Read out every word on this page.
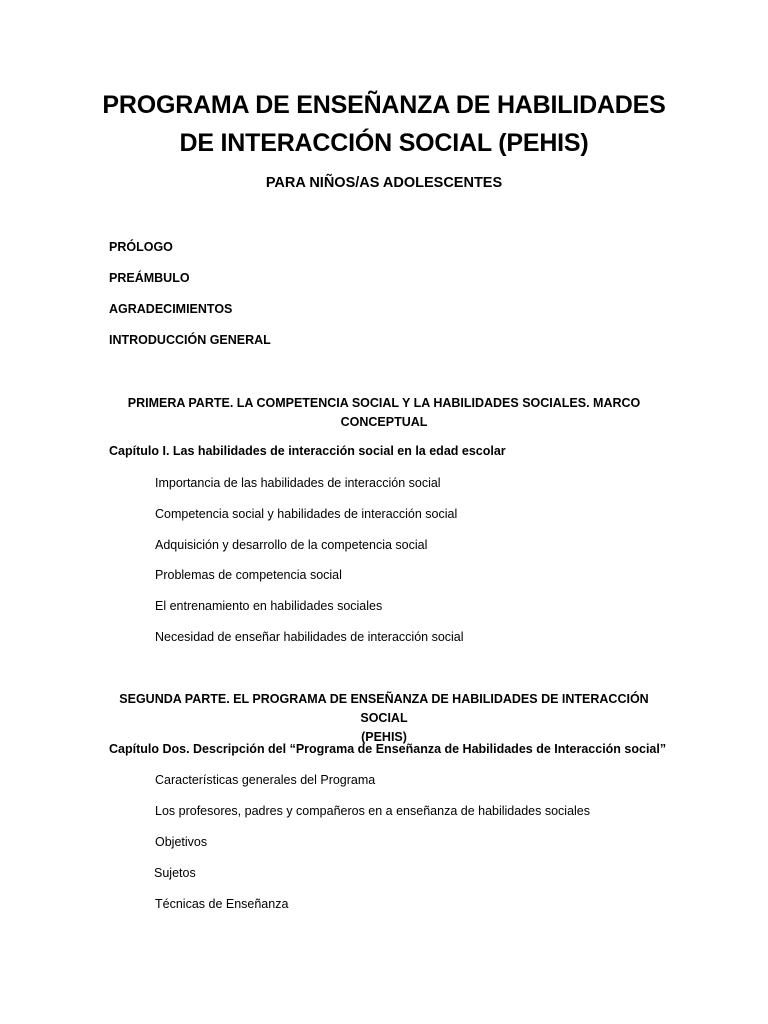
PROGRAMA DE ENSEÑANZA DE HABILIDADES
DE INTERACCIÓN SOCIAL (PEHIS)
PARA NIÑOS/AS ADOLESCENTES
PRÓLOGO
PREÁMBULO
AGRADECIMIENTOS
INTRODUCCIÓN GENERAL
PRIMERA PARTE. LA COMPETENCIA SOCIAL Y LA HABILIDADES SOCIALES. MARCO
CONCEPTUAL
Capítulo I. Las habilidades de interacción social en la edad escolar
Importancia de las habilidades de interacción social
Competencia social y habilidades de interacción social
Adquisición y desarrollo de la competencia social
Problemas de competencia social
El entrenamiento en habilidades sociales
Necesidad de enseñar habilidades de interacción social
SEGUNDA PARTE. EL PROGRAMA DE ENSEÑANZA DE HABILIDADES DE INTERACCIÓN SOCIAL
(PEHIS)
Capítulo Dos. Descripción del “Programa de Enseñanza de Habilidades de Interacción social”
Características generales del Programa
Los profesores, padres y compañeros en a enseñanza de habilidades sociales
Objetivos
Sujetos
Técnicas de Enseñanza
